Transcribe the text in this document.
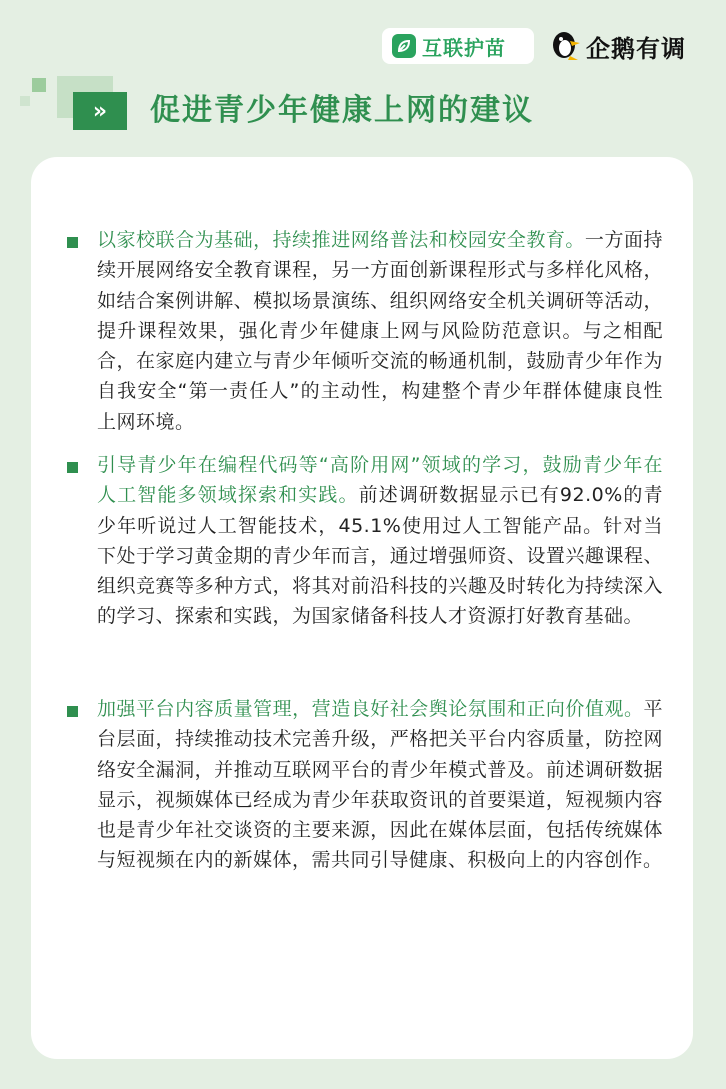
互联护苗	企鹅有调
»	促进青少年健康上网的建议

以家校联合为基础，持续推进网络普法和校园安全教育。一方面持续开展网络安全教育课程，另一方面创新课程形式与多样化风格，如结合案例讲解、模拟场景演练、组织网络安全机关调研等活动，提升课程效果，强化青少年健康上网与风险防范意识。与之相配合，在家庭内建立与青少年倾听交流的畅通机制，鼓励青少年作为自我安全“第一责任人”的主动性，构建整个青少年群体健康良性上网环境。

引导青少年在编程代码等“高阶用网”领域的学习，鼓励青少年在人工智能多领域探索和实践。前述调研数据显示已有92.0%的青少年听说过人工智能技术，45.1%使用过人工智能产品。针对当下处于学习黄金期的青少年而言，通过增强师资、设置兴趣课程、组织竞赛等多种方式，将其对前沿科技的兴趣及时转化为持续深入的学习、探索和实践，为国家储备科技人才资源打好教育基础。

加强平台内容质量管理，营造良好社会舆论氛围和正向价值观。平台层面，持续推动技术完善升级，严格把关平台内容质量，防控网络安全漏洞，并推动互联网平台的青少年模式普及。前述调研数据显示，视频媒体已经成为青少年获取资讯的首要渠道，短视频内容也是青少年社交谈资的主要来源，因此在媒体层面，包括传统媒体与短视频在内的新媒体，需共同引导健康、积极向上的内容创作。
